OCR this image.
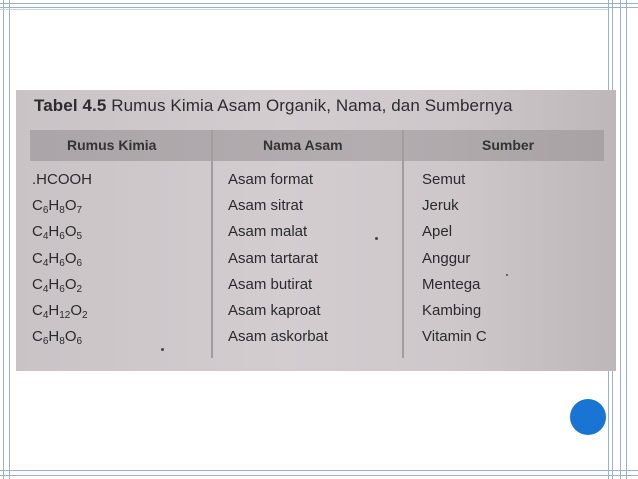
Tabel 4.5 Rumus Kimia Asam Organik, Nama, dan Sumbernya
Rumus Kimia	Nama Asam	Sumber
.HCOOH	Asam format	Semut
$C_6H_8O_7$	Asam sitrat	Jeruk
$C_4H_6O_5$	Asam malat	Apel
$C_4H_6O_6$	Asam tartarat	Anggur
$C_4H_6O_2$	Asam butirat	Mentega
$C_4H_{12}O_2$	Asam kaproat	Kambing
$C_6H_8O_6$	Asam askorbat	Vitamin C
